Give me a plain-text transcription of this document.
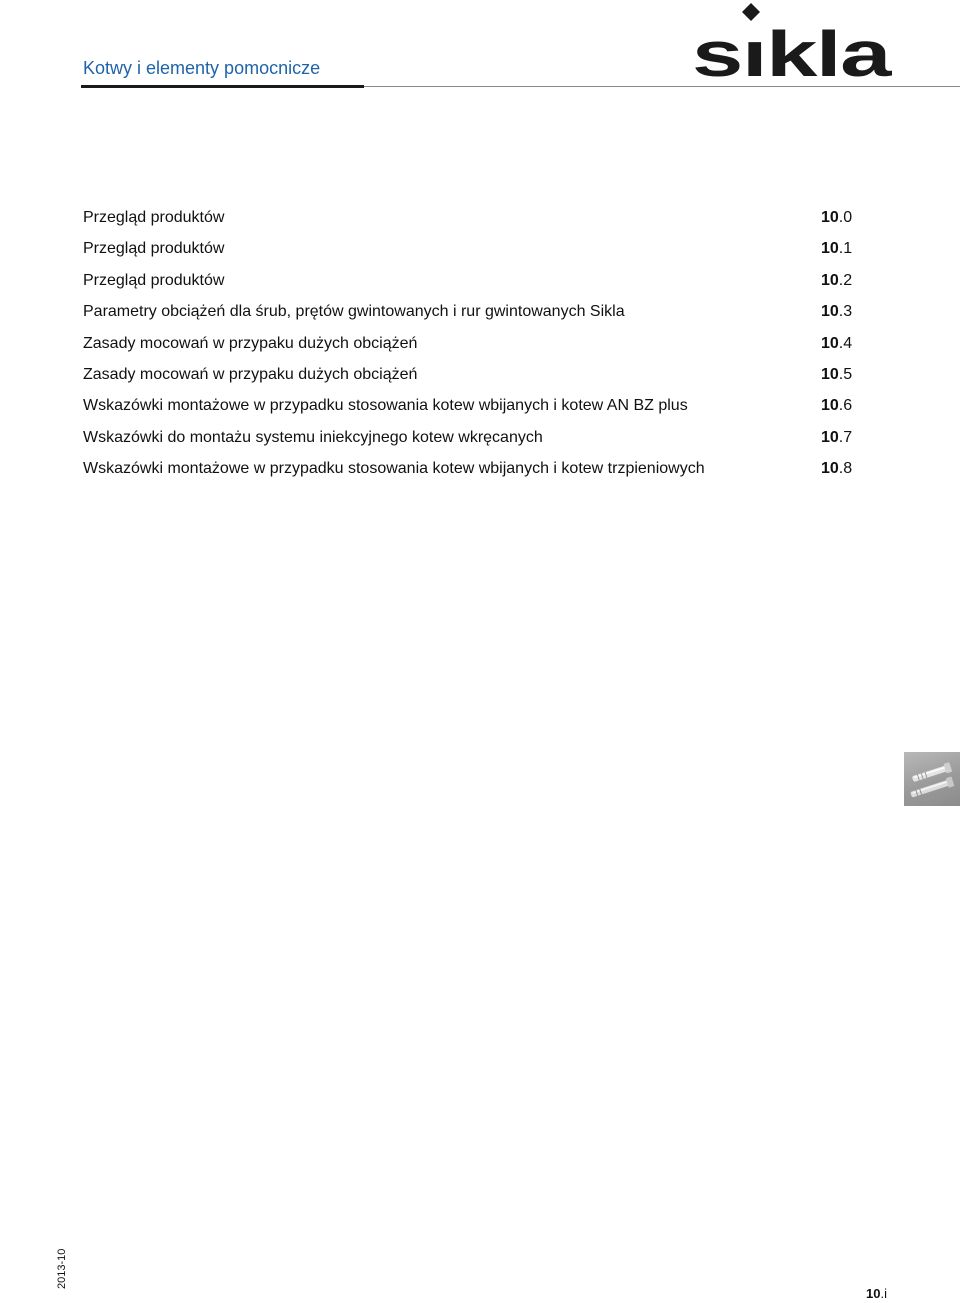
Kotwy i elementy pomocnicze	sıkla
Przegląd produktów	10.0
Przegląd produktów	10.1
Przegląd produktów	10.2
Parametry obciążeń dla śrub, prętów gwintowanych i rur gwintowanych Sikla	10.3
Zasady mocowań w przypaku dużych obciążeń	10.4
Zasady mocowań w przypaku dużych obciążeń	10.5
Wskazówki montażowe w przypadku stosowania kotew wbijanych i kotew AN BZ plus	10.6
Wskazówki do montażu systemu iniekcyjnego kotew wkręcanych	10.7
Wskazówki montażowe w przypadku stosowania kotew wbijanych i kotew trzpieniowych	10.8
2013-10
10.i
